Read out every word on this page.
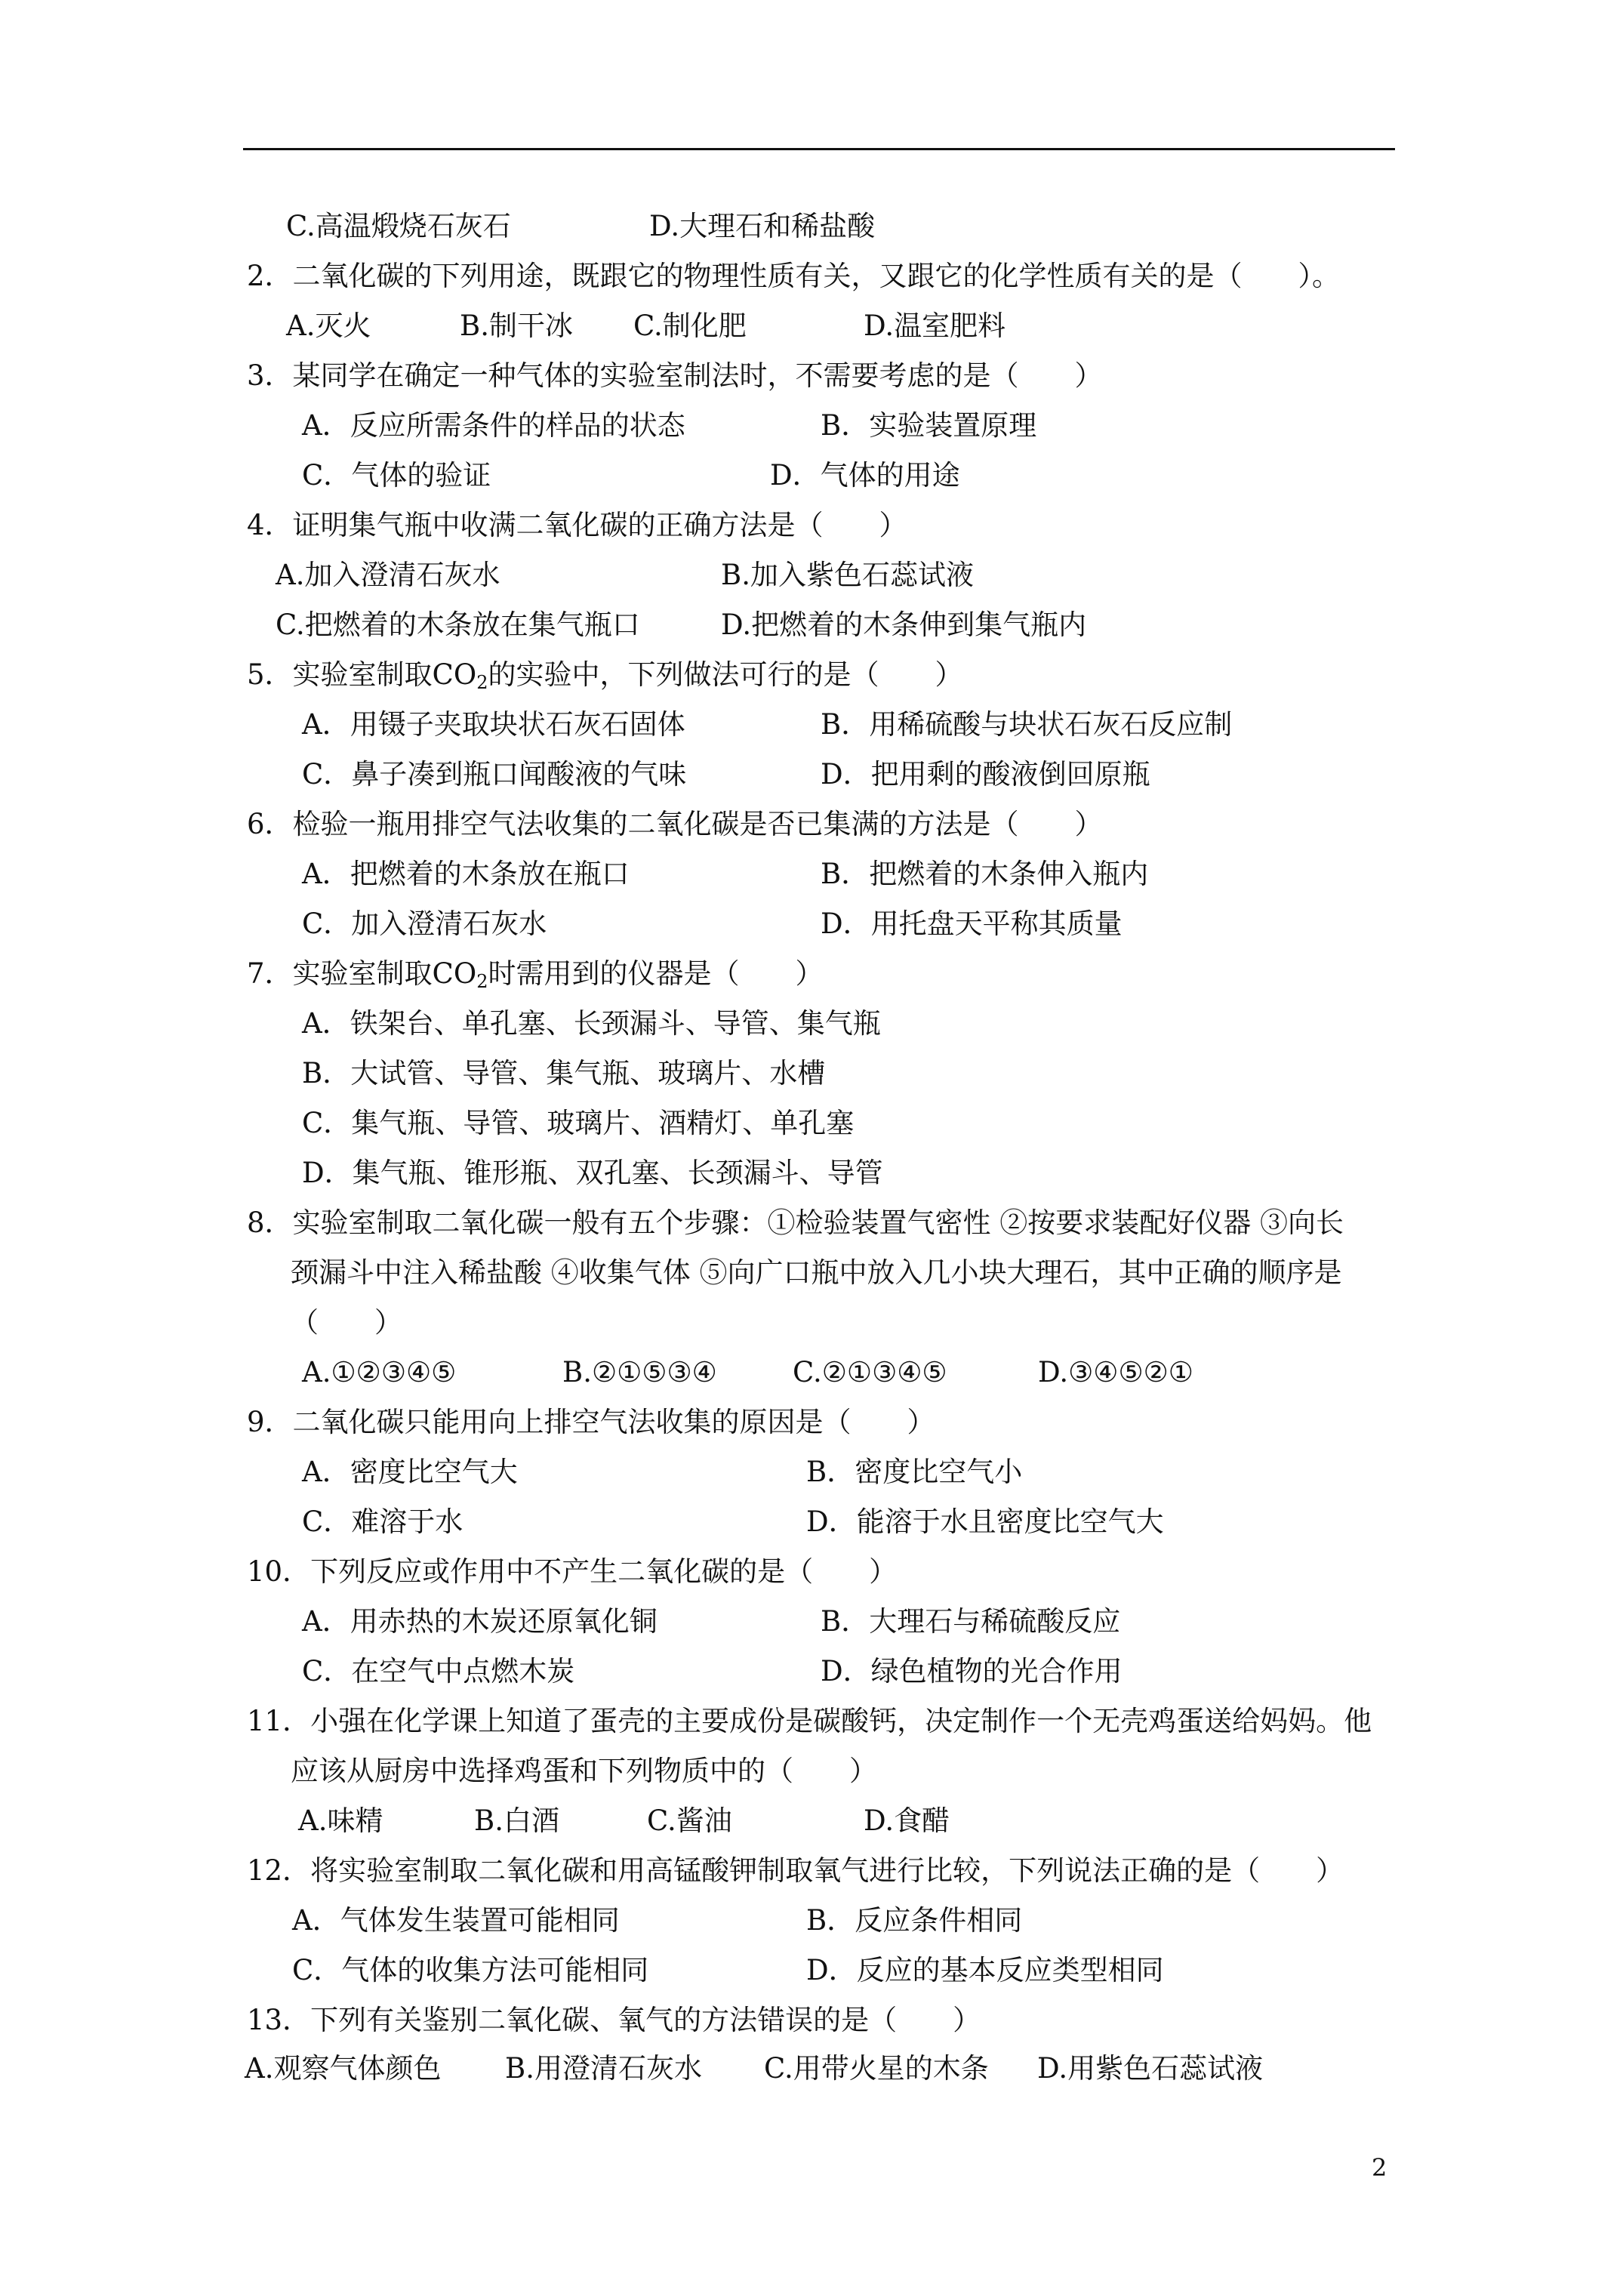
C.高温煅烧石灰石	D.大理石和稀盐酸
2．二氧化碳的下列用途，既跟它的物理性质有关，又跟它的化学性质有关的是（　　）。
A.灭火	B.制干冰 C.制化肥	D.温室肥料
3．某同学在确定一种气体的实验室制法时，不需要考虑的是（　　）
A．反应所需条件的样品的状态	B．实验装置原理
C．气体的验证	D．气体的用途
4．证明集气瓶中收满二氧化碳的正确方法是（　　）
A.加入澄清石灰水	B.加入紫色石蕊试液
C.把燃着的木条放在集气瓶口	D.把燃着的木条伸到集气瓶内
5．实验室制取$CO_2$的实验中，下列做法可行的是（　　）
A．用镊子夹取块状石灰石固体	B．用稀硫酸与块状石灰石反应制
C．鼻子凑到瓶口闻酸液的气味	D．把用剩的酸液倒回原瓶
6．检验一瓶用排空气法收集的二氧化碳是否已集满的方法是（　　）
A．把燃着的木条放在瓶口	B．把燃着的木条伸入瓶内
C．加入澄清石灰水	D．用托盘天平称其质量
7．实验室制取$CO_2$时需用到的仪器是（　　）
A．铁架台、单孔塞、长颈漏斗、导管、集气瓶
B．大试管、导管、集气瓶、玻璃片、水槽
C．集气瓶、导管、玻璃片、酒精灯、单孔塞
D．集气瓶、锥形瓶、双孔塞、长颈漏斗、导管
8．实验室制取二氧化碳一般有五个步骤：①检验装置气密性 ②按要求装配好仪器 ③向长
颈漏斗中注入稀盐酸 ④收集气体 ⑤向广口瓶中放入几小块大理石，其中正确的顺序是
（　　）
A.①②③④⑤	B.②①⑤③④	C.②①③④⑤	D.③④⑤②①
9．二氧化碳只能用向上排空气法收集的原因是（　　）
A．密度比空气大	B．密度比空气小
C．难溶于水	D．能溶于水且密度比空气大
10．下列反应或作用中不产生二氧化碳的是（　　）
A．用赤热的木炭还原氧化铜	B．大理石与稀硫酸反应
C．在空气中点燃木炭	D．绿色植物的光合作用
11．小强在化学课上知道了蛋壳的主要成份是碳酸钙，决定制作一个无壳鸡蛋送给妈妈。他
应该从厨房中选择鸡蛋和下列物质中的（　　）
A.味精	B.白酒	C.酱油	D.食醋
12．将实验室制取二氧化碳和用高锰酸钾制取氧气进行比较，下列说法正确的是（　　）
A．气体发生装置可能相同	B．反应条件相同
C．气体的收集方法可能相同	D．反应的基本反应类型相同
13．下列有关鉴别二氧化碳、氧气的方法错误的是（　　）
A.观察气体颜色 B.用澄清石灰水 C.用带火星的木条 D.用紫色石蕊试液
2
